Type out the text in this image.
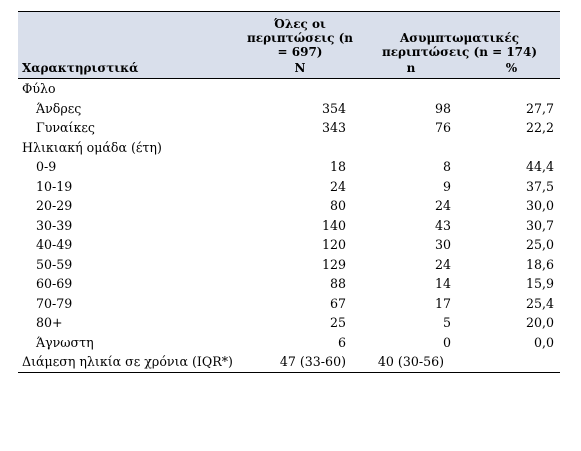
	Όλες οι περιπτώσεις (n = 697)	Ασυμπτωματικές περιπτώσεις (n = 174)	
Χαρακτηριστικά	N	n	%
Φύλο			
Άνδρες	354	98	27,7
Γυναίκες	343	76	22,2
Ηλικιακή ομάδα (έτη)			
0-9	18	8	44,4
10-19	24	9	37,5
20-29	80	24	30,0
30-39	140	43	30,7
40-49	120	30	25,0
50-59	129	24	18,6
60-69	88	14	15,9
70-79	67	17	25,4
80+	25	5	20,0
Άγνωστη	6	0	0,0
Διάμεση ηλικία σε χρόνια (IQR*)	47 (33-60)	40 (30-56)	
